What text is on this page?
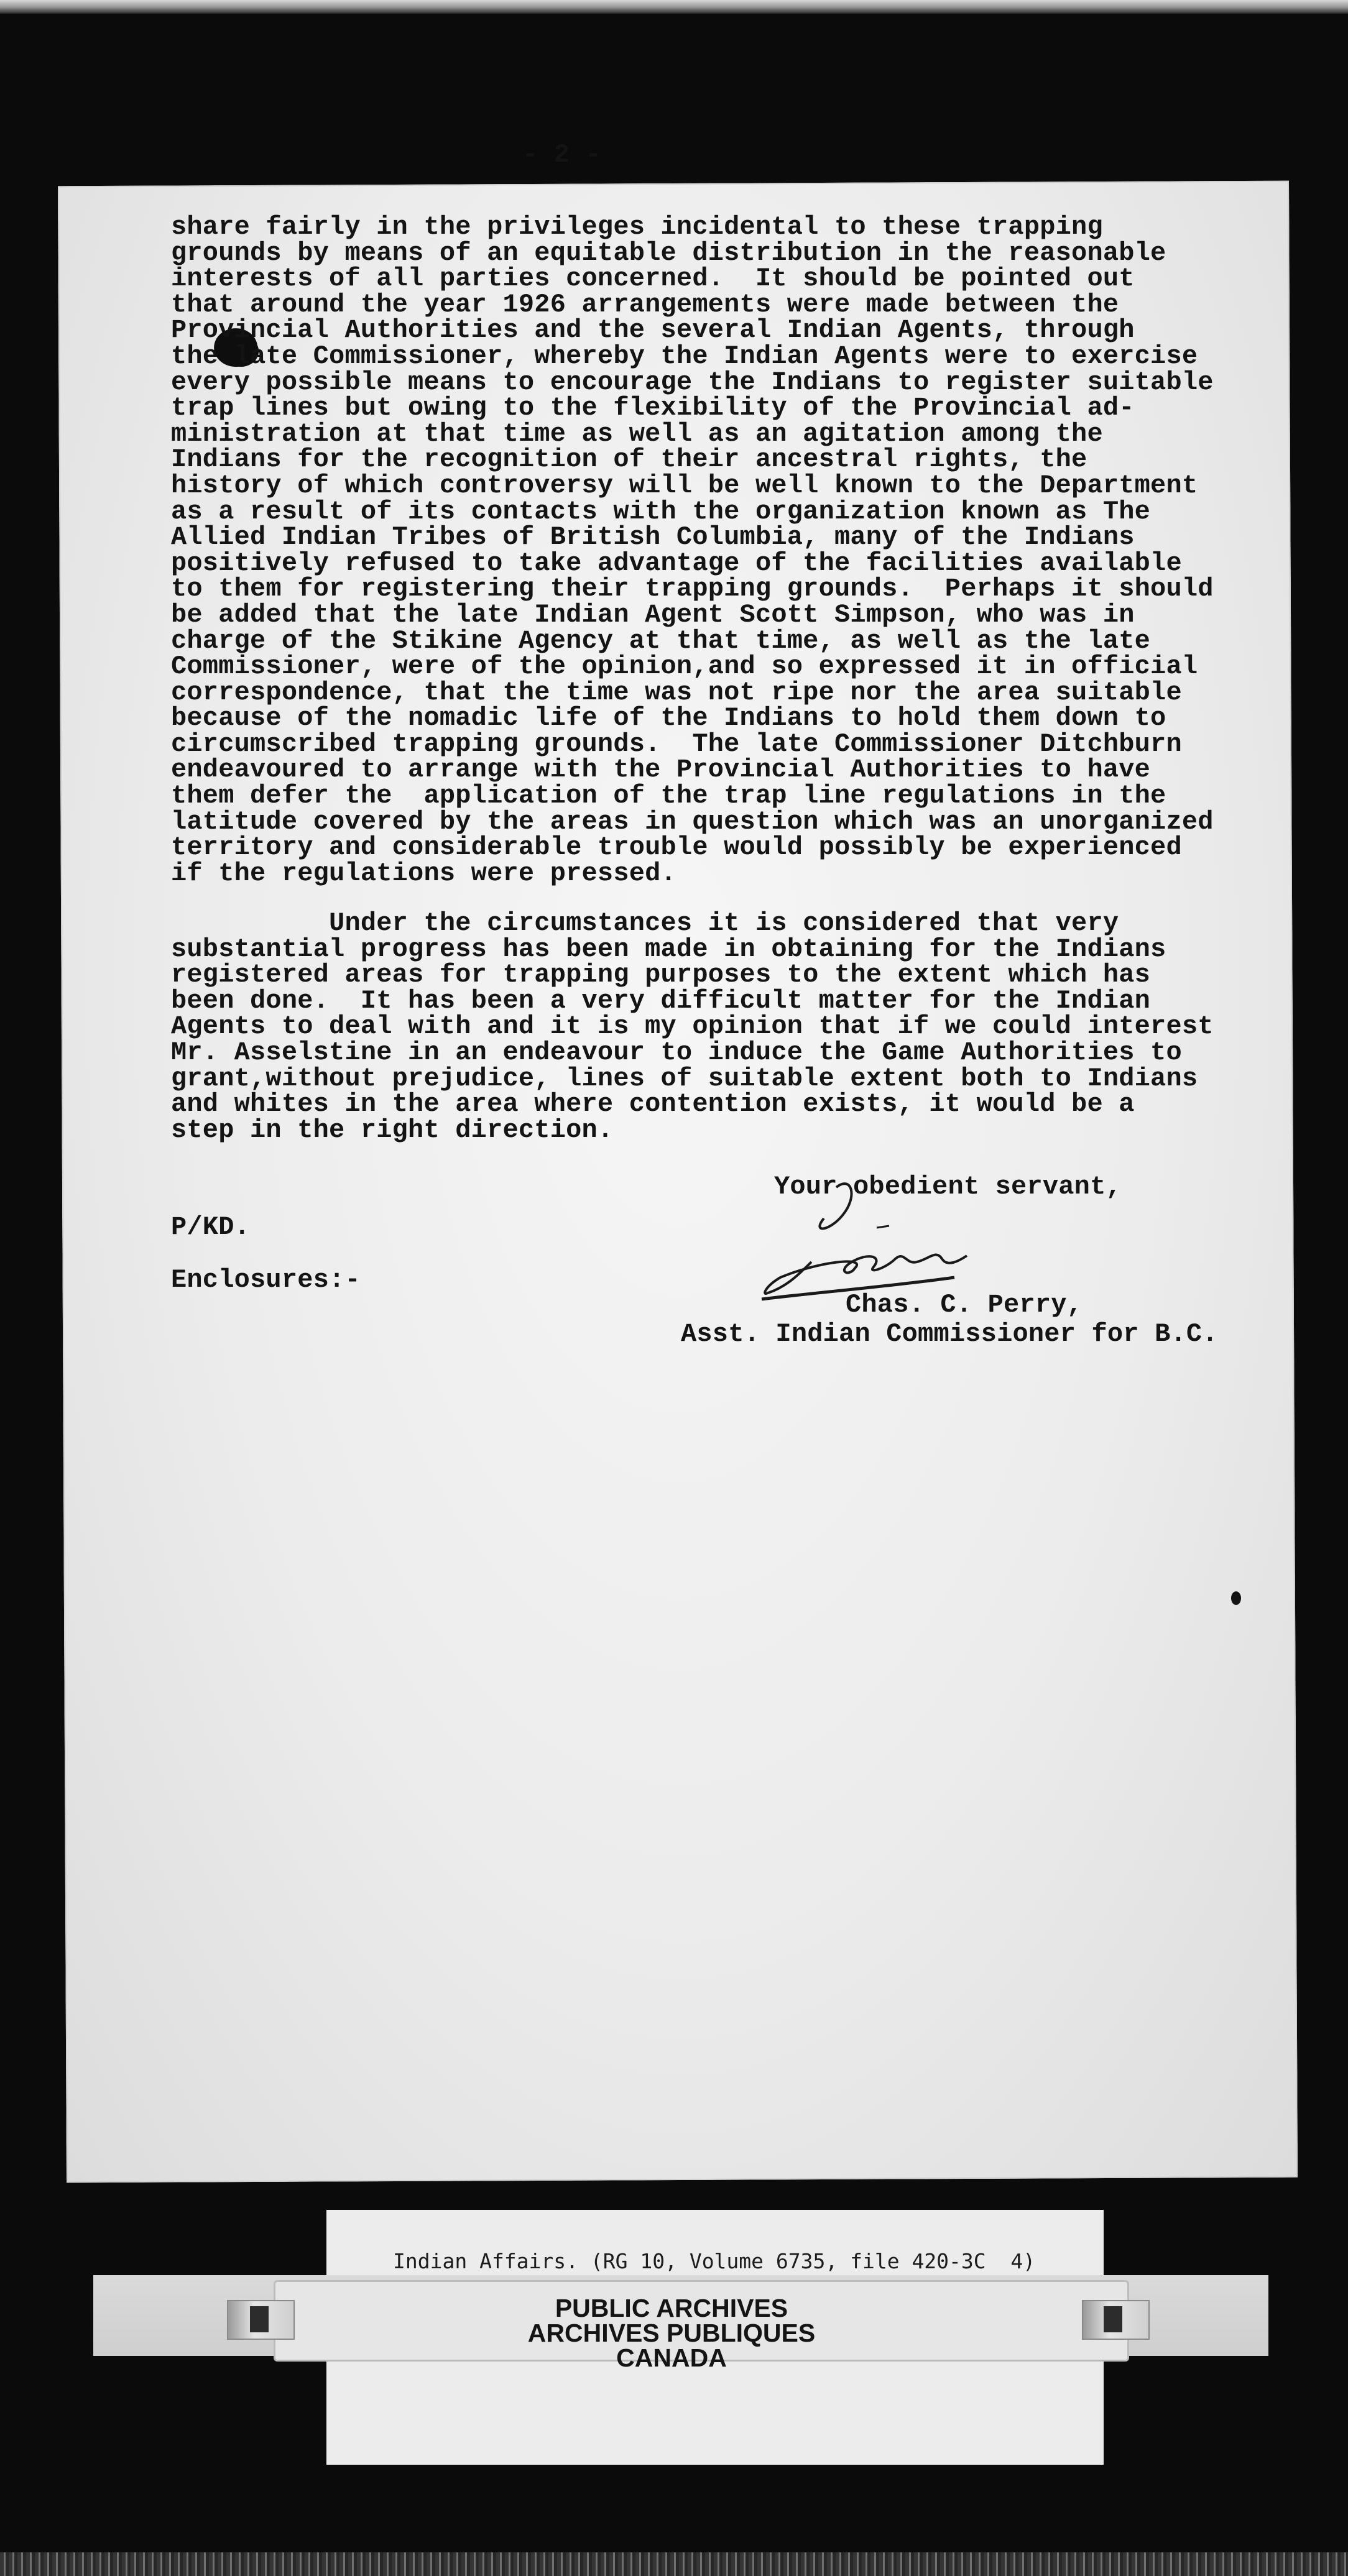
- 2 -

share fairly in the privileges incidental to these trapping
grounds by means of an equitable distribution in the reasonable
interests of all parties concerned.  It should be pointed out
that around the year 1926 arrangements were made between the
Provincial Authorities and the several Indian Agents, through
the late Commissioner, whereby the Indian Agents were to exercise
every possible means to encourage the Indians to register suitable
trap lines but owing to the flexibility of the Provincial ad-
ministration at that time as well as an agitation among the
Indians for the recognition of their ancestral rights, the
history of which controversy will be well known to the Department
as a result of its contacts with the organization known as The
Allied Indian Tribes of British Columbia, many of the Indians
positively refused to take advantage of the facilities available
to them for registering their trapping grounds.  Perhaps it should
be added that the late Indian Agent Scott Simpson, who was in
charge of the Stikine Agency at that time, as well as the late
Commissioner, were of the opinion,and so expressed it in official
correspondence, that the time was not ripe nor the area suitable
because of the nomadic life of the Indians to hold them down to
circumscribed trapping grounds.  The late Commissioner Ditchburn
endeavoured to arrange with the Provincial Authorities to have
them defer the  application of the trap line regulations in the
latitude covered by the areas in question which was an unorganized
territory and considerable trouble would possibly be experienced
if the regulations were pressed.
Under the circumstances it is considered that very
substantial progress has been made in obtaining for the Indians
registered areas for trapping purposes to the extent which has
been done.  It has been a very difficult matter for the Indian
Agents to deal with and it is my opinion that if we could interest
Mr. Asselstine in an endeavour to induce the Game Authorities to
grant,without prejudice, lines of suitable extent both to Indians
and whites in the area where contention exists, it would be a
step in the right direction.

Your obedient servant,

P/KD.

Enclosures:-

Chas. C. Perry,

Asst. Indian Commissioner for B.C.

Indian Affairs. (RG 10, Volume 6735, file 420-3C  4)

PUBLIC ARCHIVES
ARCHIVES PUBLIQUES
CANADA
